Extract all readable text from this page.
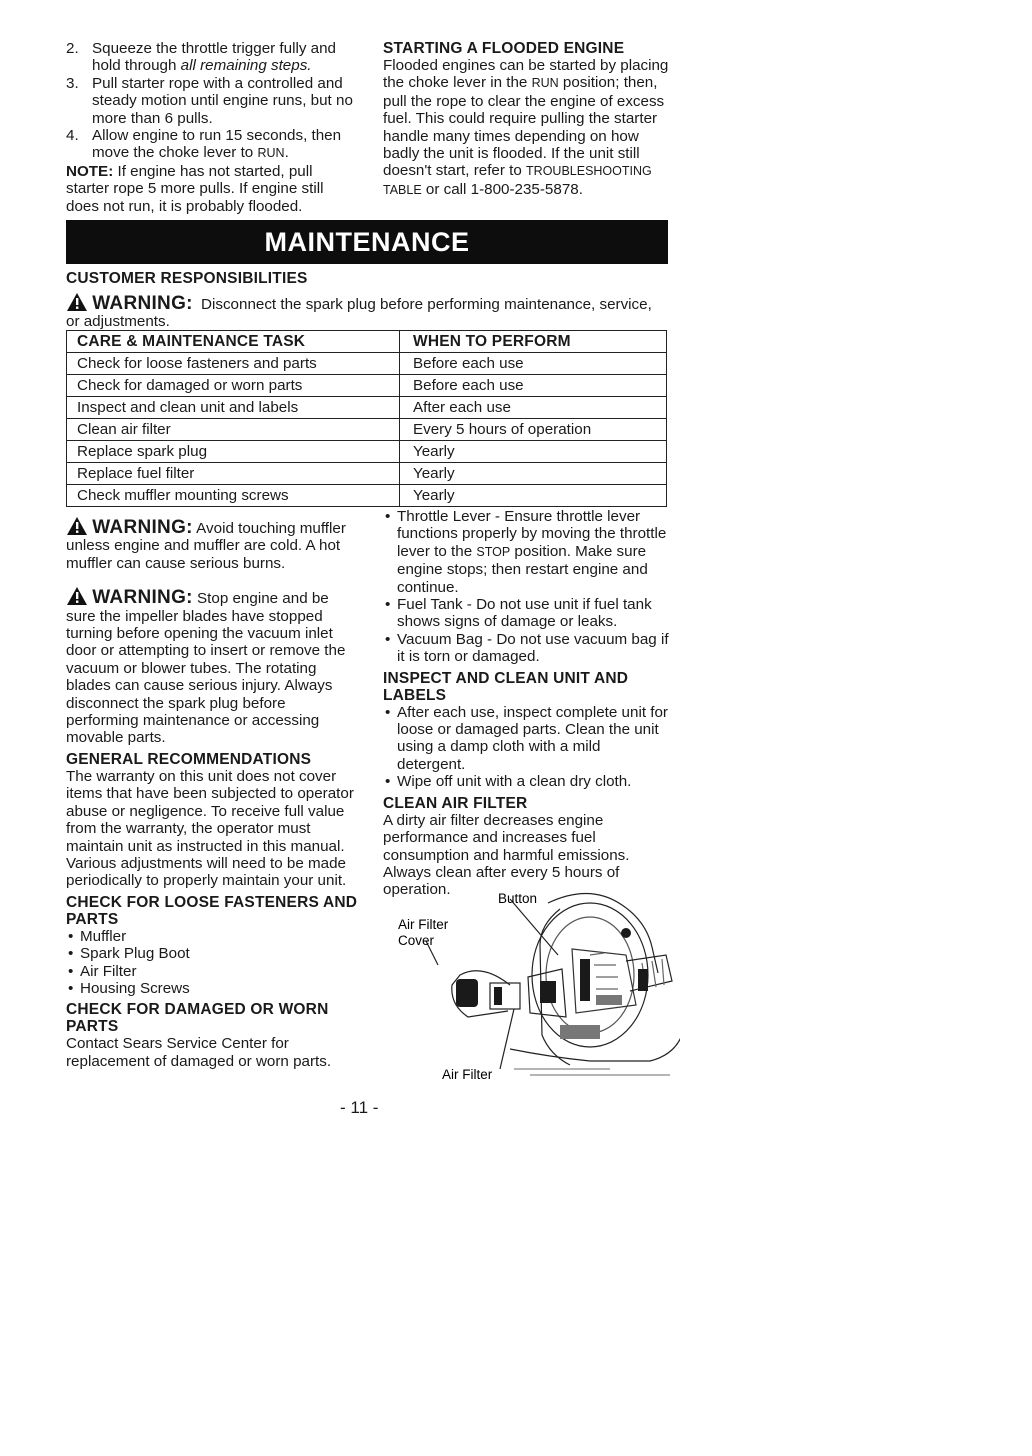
2. Squeeze the throttle trigger fully and hold through all remaining steps.
3. Pull starter rope with a controlled and steady motion until engine runs, but no more than 6 pulls.
4. Allow engine to run 15 seconds, then move the choke lever to RUN.
NOTE: If engine has not started, pull starter rope 5 more pulls. If engine still does not run, it is probably flooded.
STARTING A FLOODED ENGINE
Flooded engines can be started by placing the choke lever in the RUN position; then, pull the rope to clear the engine of excess fuel. This could require pulling the starter handle many times depending on how badly the unit is flooded. If the unit still doesn't start, refer to TROUBLESHOOTING TABLE or call 1-800-235-5878.
MAINTENANCE
CUSTOMER RESPONSIBILITIES
WARNING: Disconnect the spark plug before performing maintenance, service, or adjustments.
CARE & MAINTENANCE TASK	WHEN TO PERFORM
Check for loose fasteners and parts	Before each use
Check for damaged or worn parts	Before each use
Inspect and clean unit and labels	After each use
Clean air filter	Every 5 hours of operation
Replace spark plug	Yearly
Replace fuel filter	Yearly
Check muffler mounting screws	Yearly
WARNING: Avoid touching muffler unless engine and muffler are cold. A hot muffler can cause serious burns.
WARNING: Stop engine and be sure the impeller blades have stopped turning before opening the vacuum inlet door or attempting to insert or remove the vacuum or blower tubes. The rotating blades can cause serious injury. Always disconnect the spark plug before performing maintenance or accessing movable parts.
GENERAL RECOMMENDATIONS
The warranty on this unit does not cover items that have been subjected to operator abuse or negligence. To receive full value from the warranty, the operator must maintain unit as instructed in this manual. Various adjustments will need to be made periodically to properly maintain your unit.
CHECK FOR LOOSE FASTENERS AND PARTS
• Muffler
• Spark Plug Boot
• Air Filter
• Housing Screws
CHECK FOR DAMAGED OR WORN PARTS
Contact Sears Service Center for replacement of damaged or worn parts.
• Throttle Lever - Ensure throttle lever functions properly by moving the throttle lever to the STOP position. Make sure engine stops; then restart engine and continue.
• Fuel Tank - Do not use unit if fuel tank shows signs of damage or leaks.
• Vacuum Bag - Do not use vacuum bag if it is torn or damaged.
INSPECT AND CLEAN UNIT AND LABELS
• After each use, inspect complete unit for loose or damaged parts. Clean the unit using a damp cloth with a mild detergent.
• Wipe off unit with a clean dry cloth.
CLEAN AIR FILTER
A dirty air filter decreases engine performance and increases fuel consumption and harmful emissions. Always clean after every 5 hours of operation.
Button
Air Filter
Cover
Air Filter
- 11 -
